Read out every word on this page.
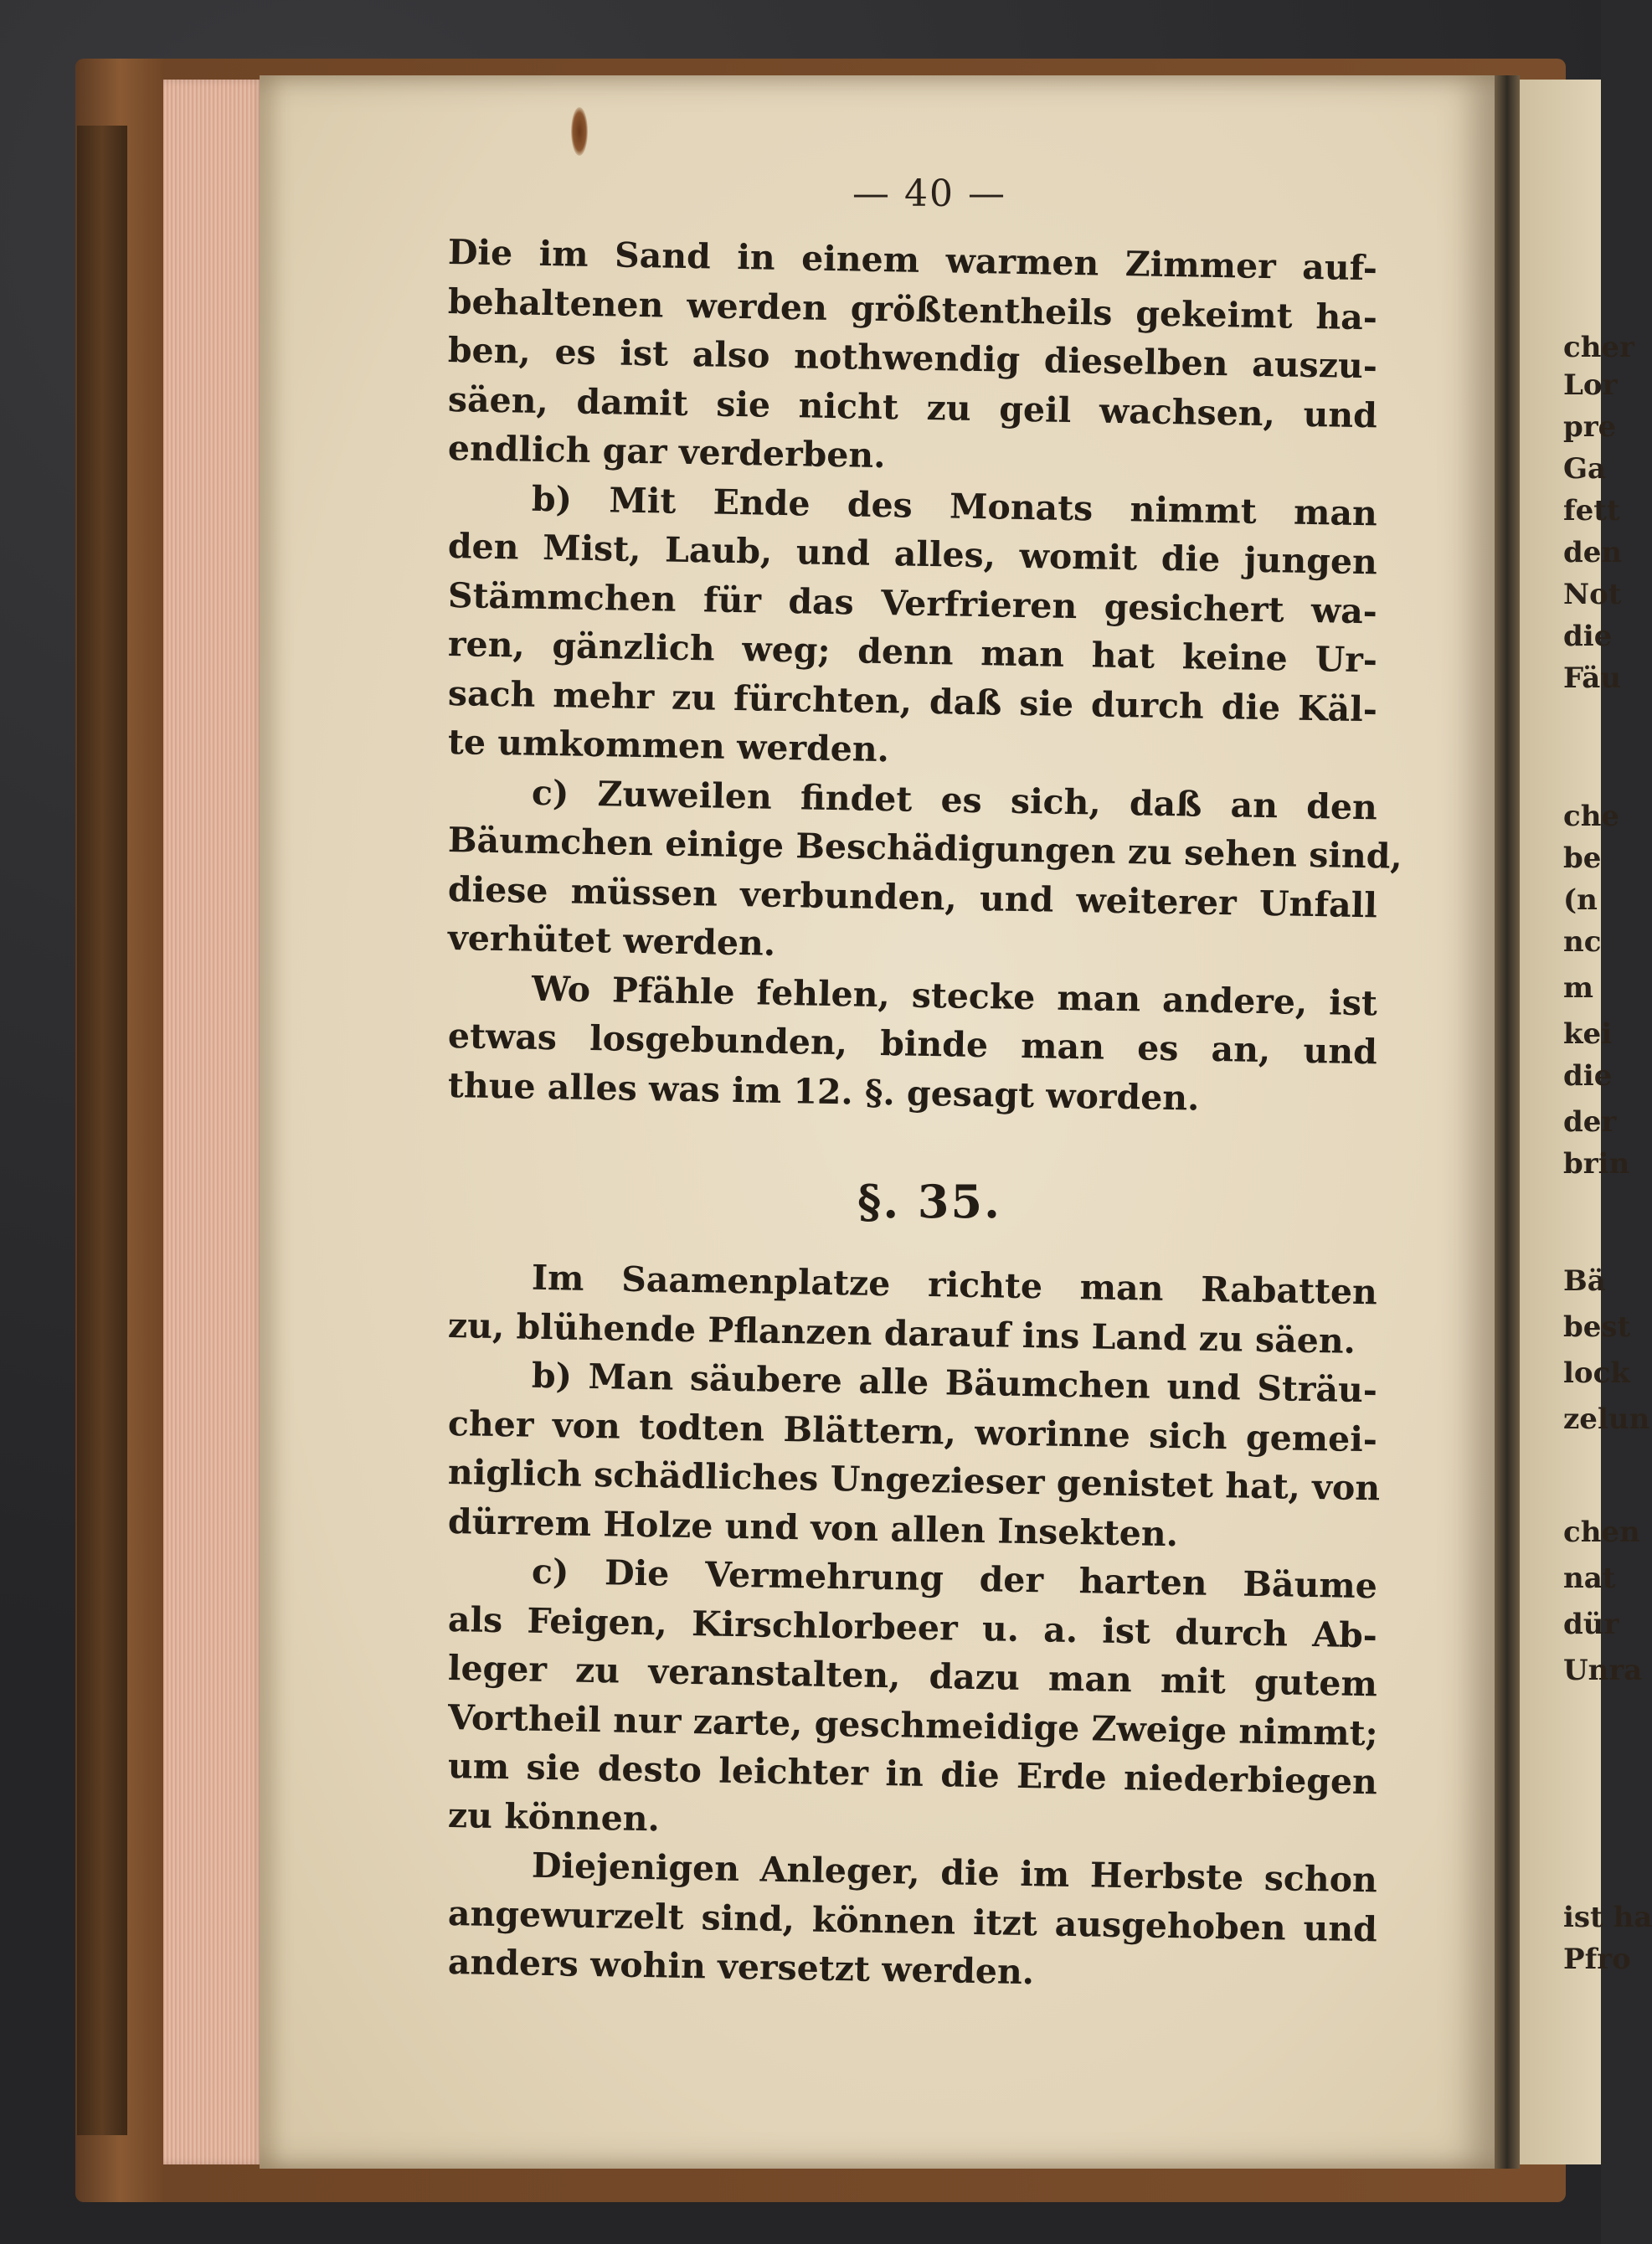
cher
Lor
pre
Ga
fett
den
Not
die
Fäu
che
be
(n
nc
m
kei
die
der
brin
Bä
best
lock
zelun
chen
nat
dür
Unra
ist ha
Pfro
— 40 —
Die im Sand in einem warmen Zimmer auf-
behaltenen werden größtentheils gekeimt ha-
ben, es ist also nothwendig dieselben auszu-
säen, damit sie nicht zu geil wachsen, und
endlich gar verderben.
b) Mit Ende des Monats nimmt man
den Mist, Laub, und alles, womit die jungen
Stämmchen für das Verfrieren gesichert wa-
ren, gänzlich weg; denn man hat keine Ur-
sach mehr zu fürchten, daß sie durch die Käl-
te umkommen werden.
c) Zuweilen findet es sich, daß an den
Bäumchen einige Beschädigungen zu sehen sind,
diese müssen verbunden, und weiterer Unfall
verhütet werden.
Wo Pfähle fehlen, stecke man andere, ist
etwas losgebunden, binde man es an, und
thue alles was im 12. §. gesagt worden.
§. 35.
Im Saamenplatze richte man Rabatten
zu, blühende Pflanzen darauf ins Land zu säen.
b) Man säubere alle Bäumchen und Sträu-
cher von todten Blättern, worinne sich gemei-
niglich schädliches Ungezieser genistet hat, von
dürrem Holze und von allen Insekten.
c) Die Vermehrung der harten Bäume
als Feigen, Kirschlorbeer u. a. ist durch Ab-
leger zu veranstalten, dazu man mit gutem
Vortheil nur zarte, geschmeidige Zweige nimmt;
um sie desto leichter in die Erde niederbiegen
zu können.
Diejenigen Anleger, die im Herbste schon
angewurzelt sind, können itzt ausgehoben und
anders wohin versetzt werden.
